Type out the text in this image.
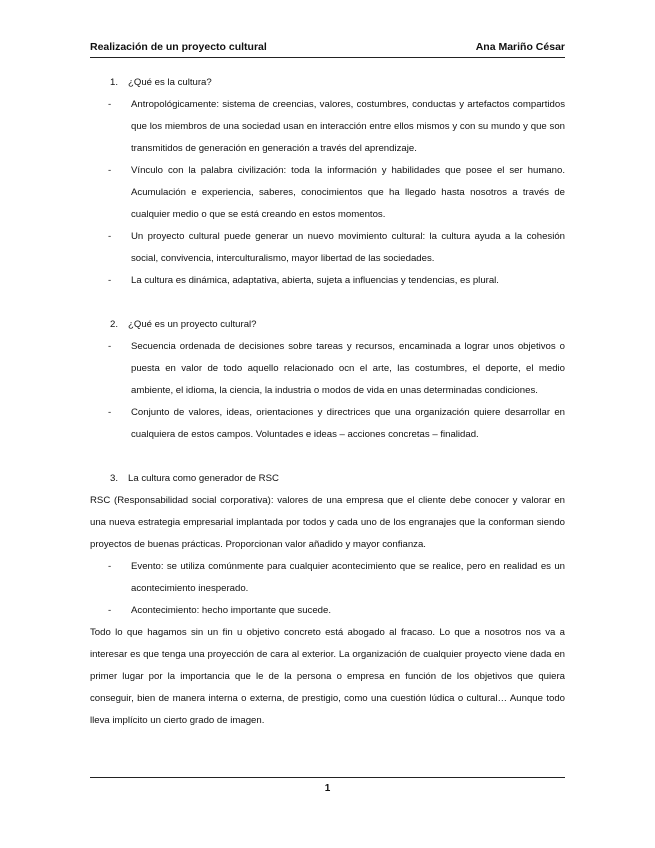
Realización de un proyecto cultural	Ana Mariño César
1. ¿Qué es la cultura?
- Antropológicamente: sistema de creencias, valores, costumbres, conductas y artefactos compartidos que los miembros de una sociedad usan en interacción entre ellos mismos y con su mundo y que son transmitidos de generación en generación a través del aprendizaje.
- Vínculo con la palabra civilización: toda la información y habilidades que posee el ser humano. Acumulación e experiencia, saberes, conocimientos que ha llegado hasta nosotros a través de cualquier medio o que se está creando en estos momentos.
- Un proyecto cultural puede generar un nuevo movimiento cultural: la cultura ayuda a la cohesión social, convivencia, interculturalismo, mayor libertad de las sociedades.
- La cultura es dinámica, adaptativa, abierta, sujeta a influencias y tendencias, es plural.
2. ¿Qué es un proyecto cultural?
- Secuencia ordenada de decisiones sobre tareas y recursos, encaminada a lograr unos objetivos o puesta en valor de todo aquello relacionado ocn el arte, las costumbres, el deporte, el medio ambiente, el idioma, la ciencia, la industria o modos de vida en unas determinadas condiciones.
- Conjunto de valores, ideas, orientaciones y directrices que una organización quiere desarrollar en cualquiera de estos campos. Voluntades e ideas – acciones concretas – finalidad.
3. La cultura como generador de RSC
RSC (Responsabilidad social corporativa): valores de una empresa que el cliente debe conocer y valorar en una nueva estrategia empresarial implantada por todos y cada uno de los engranajes que la conforman siendo proyectos de buenas prácticas. Proporcionan valor añadido y mayor confianza.
- Evento: se utiliza comúnmente para cualquier acontecimiento que se realice, pero en realidad es un acontecimiento inesperado.
- Acontecimiento: hecho importante que sucede.
Todo lo que hagamos sin un fin u objetivo concreto está abogado al fracaso. Lo que a nosotros nos va a interesar es que tenga una proyección de cara al exterior. La organización de cualquier proyecto viene dada en primer lugar por la importancia que le de la persona o empresa en función de los objetivos que quiera conseguir, bien de manera interna o externa, de prestigio, como una cuestión lúdica o cultural… Aunque todo lleva implícito un cierto grado de imagen.
1
